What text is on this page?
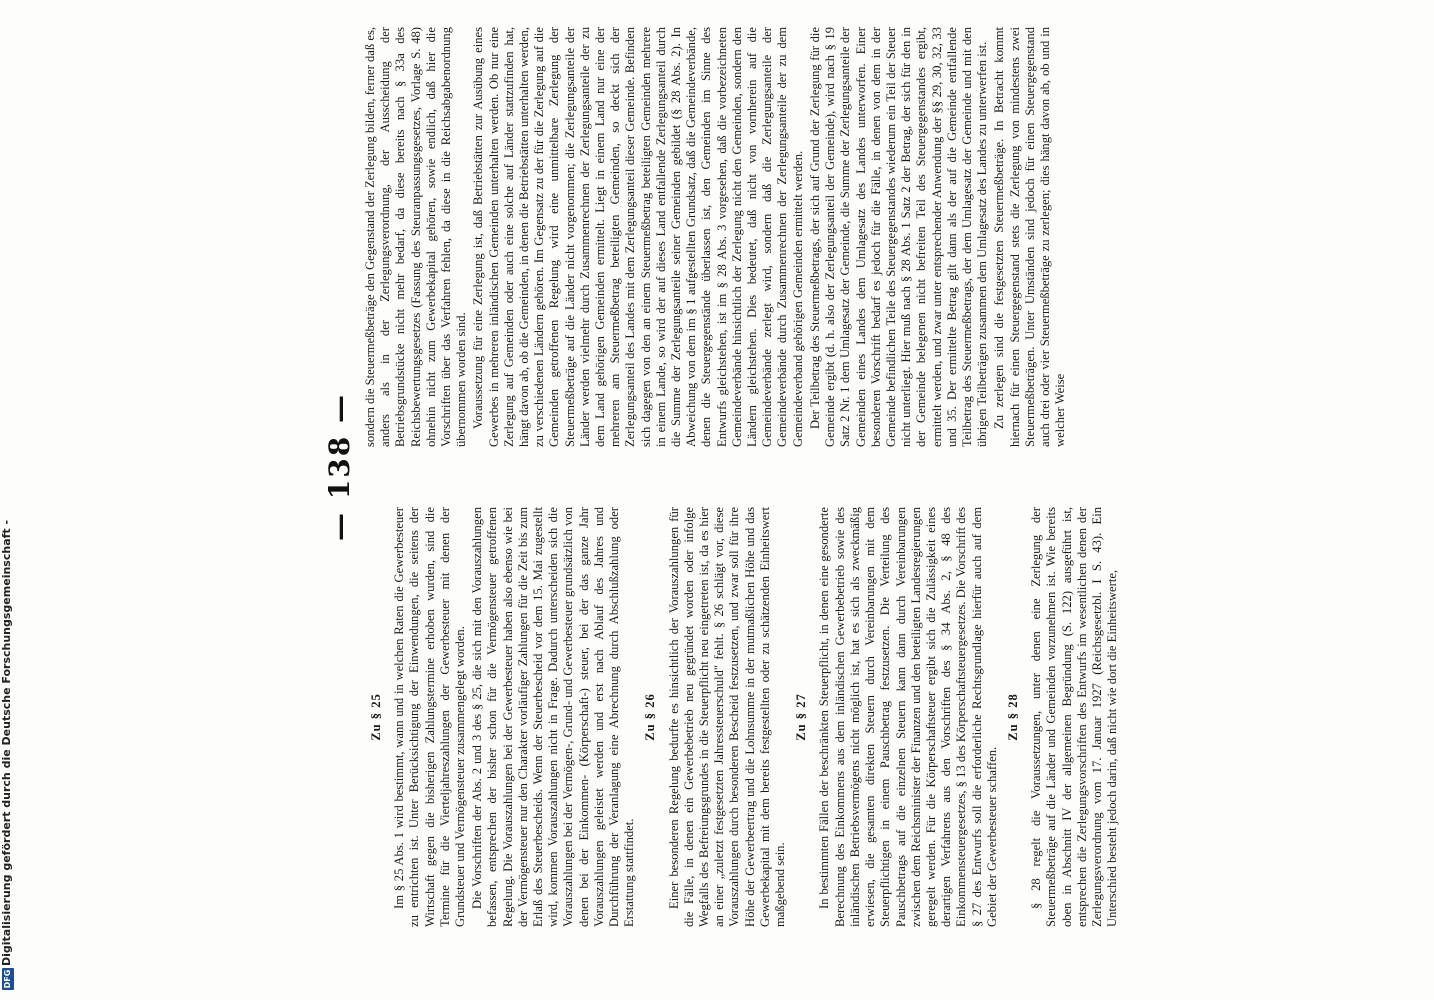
— 138 —
Zu § 25 Im § 25 Abs. 1 wird bestimmt, wann und in welchen Raten die Gewerbesteuer zu entrichten ist. Unter Berücksichtigung der Einwendungen, die seitens der Wirtschaft gegen die bisherigen Zahlungstermine erhoben wurden, sind die Termine für die Vierteljahreszahlungen der Gewerbesteuer mit denen der Grundsteuer und Vermögensteuer zusammengelegt worden. Die Vorschriften der Abs. 2 und 3 des § 25, die sich mit den Vorauszahlungen befassen, entsprechen der bisher schon für die Vermögensteuer getroffenen Regelung. Die Vorauszahlungen bei der Gewerbesteuer haben also ebenso wie bei der Vermögensteuer nur den Charakter vorläufiger Zahlungen für die Zeit bis zum Erlaß des Steuerbescheids. Wenn der Steuerbescheid vor dem 15. Mai zugestellt wird, kommen Vorauszahlungen nicht in Frage. Dadurch unterscheiden sich die Vorauszahlungen bei der Vermögen-, Grund- und Gewerbesteuer grundsätzlich von denen bei der Einkommen- (Körperschaft-) steuer, bei der das ganze Jahr Vorauszahlungen geleistet werden und erst nach Ablauf des Jahres und Durchführung der Veranlagung eine Abrechnung durch Abschlußzahlung oder Erstattung stattfindet.

Zu § 26 Einer besonderen Regelung bedurfte es hinsichtlich der Vorauszahlungen für die Fälle, in denen ein Gewerbebetrieb neu gegründet worden oder infolge Wegfalls des Befreiungsgrundes in die Steuerpflicht neu eingetreten ist, da es hier an einer „zuletzt festgesetzten Jahressteuerschuld" fehlt. § 26 schlägt vor, diese Vorauszahlungen durch besonderen Bescheid festzusetzen, und zwar soll für ihre Höhe der Gewerbeertrag und die Lohnsumme in der mutmaßlichen Höhe und das Gewerbekapital mit dem bereits festgestellten oder zu schätzenden Einheitswert maßgebend sein.

Zu § 27 In bestimmten Fällen der beschränkten Steuerpflicht, in denen eine gesonderte Berechnung des Einkommens aus dem inländischen Gewerbebetrieb sowie des inländischen Betriebsvermögens nicht möglich ist, hat es sich als zweckmäßig erwiesen, die gesamten direkten Steuern durch Vereinbarungen mit dem Steuerpflichtigen in einem Pauschbetrag festzusetzen. Die Verteilung des Pauschbetrags auf die einzelnen Steuern kann dann durch Vereinbarungen zwischen dem Reichsminister der Finanzen und den beteiligten Landesregierungen geregelt werden. Für die Körperschaftsteuer ergibt sich die Zulässigkeit eines derartigen Verfahrens aus den Vorschriften des § 34 Abs. 2, § 48 des Einkommensteuergesetzes, § 13 des Körperschaftsteuergesetzes. Die Vorschrift des § 27 des Entwurfs soll die erforderliche Rechtsgrundlage hierfür auch auf dem Gebiet der Gewerbesteuer schaffen.

Zu § 28 § 28 regelt die Voraussetzungen, unter denen eine Zerlegung der Steuermeßbeträge auf die Länder und Gemeinden vorzunehmen ist. Wie bereits oben in Abschnitt IV der allgemeinen Begründung (S. 122) ausgeführt ist, entsprechen die Zerlegungsvorschriften des Entwurfs im wesentlichen denen der Zerlegungsverordnung vom 17. Januar 1927 (Reichsgesetzbl. I S. 43). Ein Unterschied besteht jedoch darin, daß nicht wie dort die Einheitswerte,

sondern die Steuermeßbeträge den Gegenstand der Zerlegung bilden, ferner daß es, anders als in der Zerlegungsverordnung, der Ausscheidung der Betriebsgrundstücke nicht mehr bedarf, da diese bereits nach § 33a des Reichsbewertungsgesetzes (Fassung des Steuranpassungsgesetzes, Vorlage S. 48) ohnehin nicht zum Gewerbekapital gehören, sowie endlich, daß hier die Vorschriften über das Verfahren fehlen, da diese in die Reichsabgabenordnung übernommen worden sind. Voraussetzung für eine Zerlegung ist, daß Betriebstätten zur Ausübung eines Gewerbes in mehreren inländischen Gemeinden unterhalten werden. Ob nur eine Zerlegung auf Gemeinden oder auch eine solche auf Länder stattzufinden hat, hängt davon ab, ob die Gemeinden, in denen die Betriebstätten unterhalten werden, zu verschiedenen Ländern gehören. Im Gegensatz zu der für die Zerlegung auf die Gemeinden getroffenen Regelung wird eine unmittelbare Zerlegung der Steuermeßbeträge auf die Länder nicht vorgenommen; die Zerlegungsanteile der Länder werden vielmehr durch Zusammenrechnen der Zerlegungsanteile der zu dem Land gehörigen Gemeinden ermittelt. Liegt in einem Land nur eine der mehreren am Steuermeßbetrag beteiligten Gemeinden, so deckt sich der Zerlegungsanteil des Landes mit dem Zerlegungsanteil dieser Gemeinde. Befinden sich dagegen von den an einem Steuermeßbetrag beteiligten Gemeinden mehrere in einem Lande, so wird der auf dieses Land entfallende Zerlegungsanteil durch die Summe der Zerlegungsanteile seiner Gemeinden gebildet (§ 28 Abs. 2). In Abweichung von dem im § 1 aufgestellten Grundsatz, daß die Gemeindeverbände, denen die Steuergegenstände überlassen ist, den Gemeinden im Sinne des Entwurfs gleichstehen, ist im § 28 Abs. 3 vorgesehen, daß die vorbezeichneten Gemeindeverbände hinsichtlich der Zerlegung nicht den Gemeinden, sondern den Ländern gleichstehen. Dies bedeutet, daß nicht von vornherein auf die Gemeindeverbände zerlegt wird, sondern daß die Zerlegungsanteile der Gemeindeverbände durch Zusammenrechnen der Zerlegungsanteile der zu dem Gemeindeverband gehörigen Gemeinden ermittelt werden. Der Teilbetrag des Steuermeßbetrags, der sich auf Grund der Zerlegung für die Gemeinde ergibt (d. h. also der Zerlegungsanteil der Gemeinde), wird nach § 19 Satz 2 Nr. 1 dem Umlagesatz der Gemeinde, die Summe der Zerlegungsanteile der Gemeinden eines Landes dem Umlagesatz des Landes unterworfen. Einer besonderen Vorschrift bedarf es jedoch für die Fälle, in denen von dem in der Gemeinde befindlichen Teile des Steuergegenstandes wiederum ein Teil der Steuer nicht unterliegt. Hier muß nach § 28 Abs. 1 Satz 2 der Betrag, der sich für den in der Gemeinde belegenen nicht befreiten Teil des Steuergegenstandes ergibt, ermittelt werden, und zwar unter entsprechender Anwendung der §§ 29, 30, 32, 33 und 35. Der ermittelte Betrag gilt dann als der auf die Gemeinde entfallende Teilbetrag des Steuermeßbetrags, der dem Umlagesatz der Gemeinde und mit den übrigen Teilbeträgen zusammen dem Umlagesatz des Landes zu unterwerfen ist. Zu zerlegen sind die festgesetzten Steuermeßbeträge. In Betracht kommt hiernach für einen Steuergegenstand stets die Zerlegung von mindestens zwei Steuermeßbeträgen. Unter Umständen sind jedoch für einen Steuergegenstand auch drei oder vier Steuermeßbeträge zu zerlegen; dies hängt davon ab, ob und in welcher Weise

Digitalisierung gefördert durch die Deutsche Forschungsgemeinschaft -
DFG
